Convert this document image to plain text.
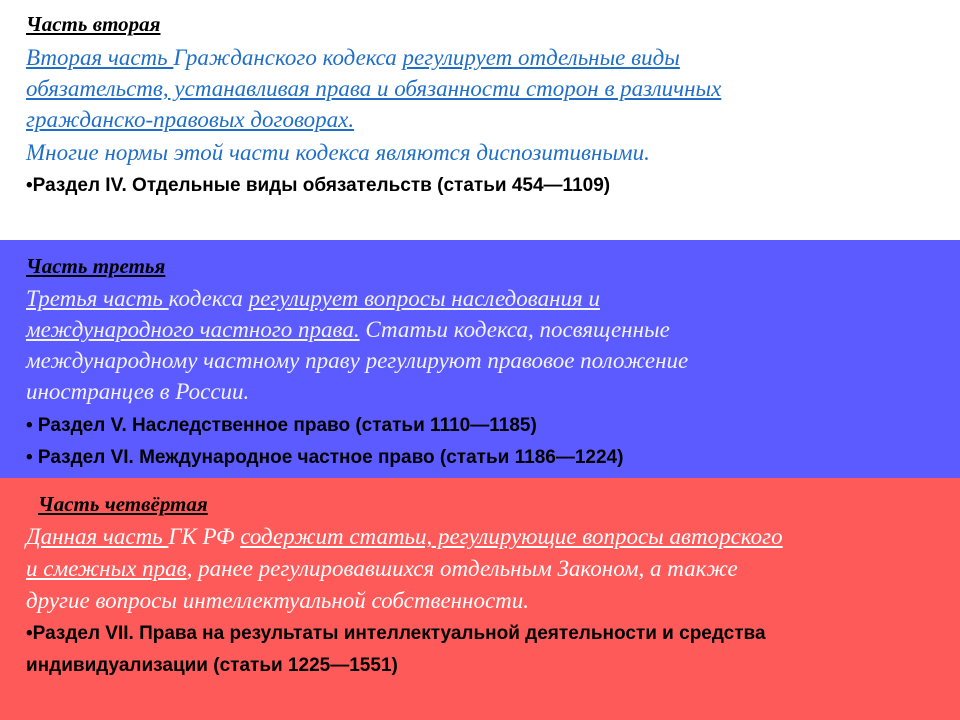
Часть вторая
Вторая часть Гражданского кодекса регулирует отдельные виды
обязательств, устанавливая права и обязанности сторон в различных
гражданско-правовых договорах.
Многие нормы этой части кодекса являются диспозитивными.
•Раздел IV. Отдельные виды обязательств (статьи 454—1109)
Часть третья
Третья часть кодекса регулирует вопросы наследования и
международного частного права. Статьи кодекса, посвященные
международному частному праву регулируют правовое положение
иностранцев в России.
• Раздел V. Наследственное право (статьи 1110—1185)
• Раздел VI. Международное частное право (статьи 1186—1224)
Часть четвёртая
Данная часть ГК РФ содержит статьи, регулирующие вопросы авторского
и смежных прав, ранее регулировавшихся отдельным Законом, а также
другие вопросы интеллектуальной собственности.
•Раздел VII. Права на результаты интеллектуальной деятельности и средства
индивидуализации (статьи 1225—1551)
